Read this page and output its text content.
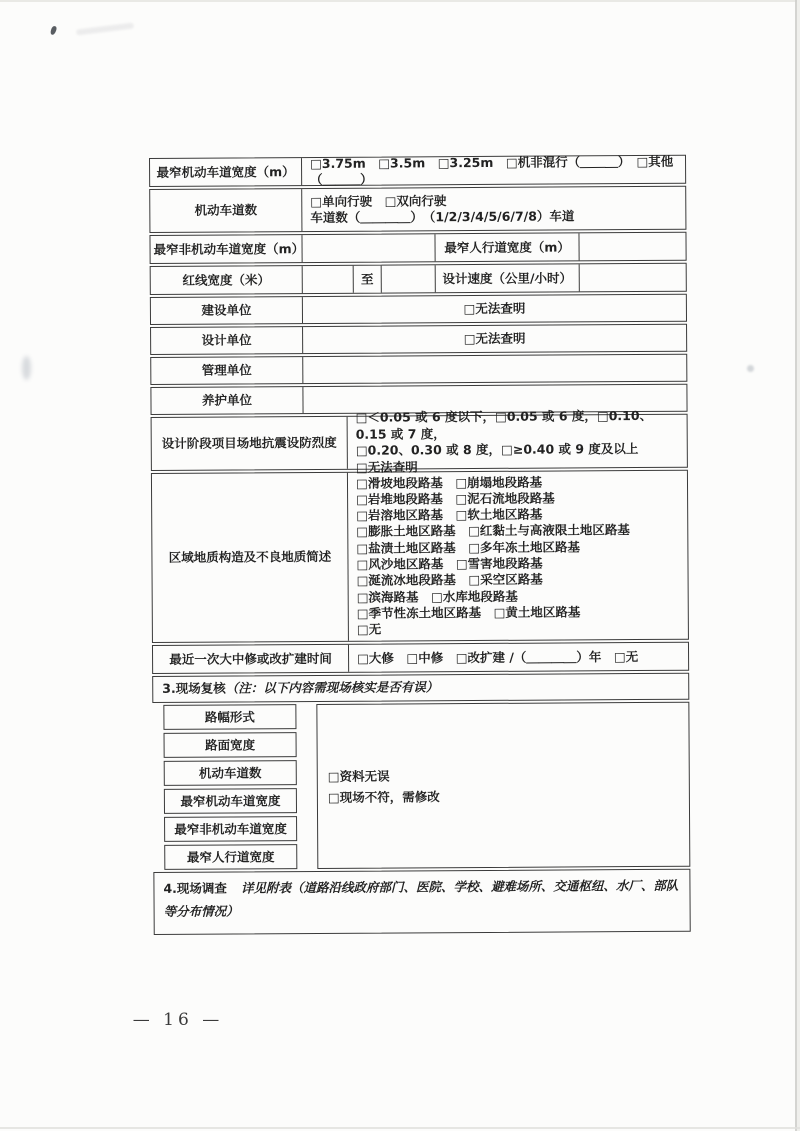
最窄机动车道宽度（m）
□3.75m　□3.5m　□3.25m　□机非混行（＿＿＿）　□其他（＿＿＿）
机动车道数
□单向行驶　□双向行驶
车道数（＿＿＿＿）　（1/2/3/4/5/6/7/8）车道
最窄非机动车道宽度（m）	最窄人行道宽度（m）
红线宽度（米）	至	设计速度（公里/小时）
建设单位	□无法查明
设计单位	□无法查明
管理单位
养护单位
设计阶段项目场地抗震设防烈度
□＜0.05 或 6 度以下，□0.05 或 6 度，□0.10、0.15 或 7 度，
□0.20、0.30 或 8 度，□≥0.40 或 9 度及以上
□无法查明
区域地质构造及不良地质简述
□滑坡地段路基　□崩塌地段路基
□岩堆地段路基　□泥石流地段路基
□岩溶地区路基　□软土地区路基
□膨胀土地区路基　□红黏土与高液限土地区路基
□盐渍土地区路基　□多年冻土地区路基
□风沙地区路基　□雪害地段路基
□涎流冰地段路基　□采空区路基
□滨海路基　□水库地段路基
□季节性冻土地区路基　□黄土地区路基
□无
最近一次大中修或改扩建时间	□大修　□中修　□改扩建 /（＿＿＿＿）年　□无
3.现场复核（注：以下内容需现场核实是否有误）
路幅形式
路面宽度
机动车道数
最窄机动车道宽度
最窄非机动车道宽度
最窄人行道宽度
□资料无误
□现场不符，需修改
4.现场调查 详见附表（道路沿线政府部门、医院、学校、避难场所、交通枢纽、水厂、部队等分布情况）
— 16 —
